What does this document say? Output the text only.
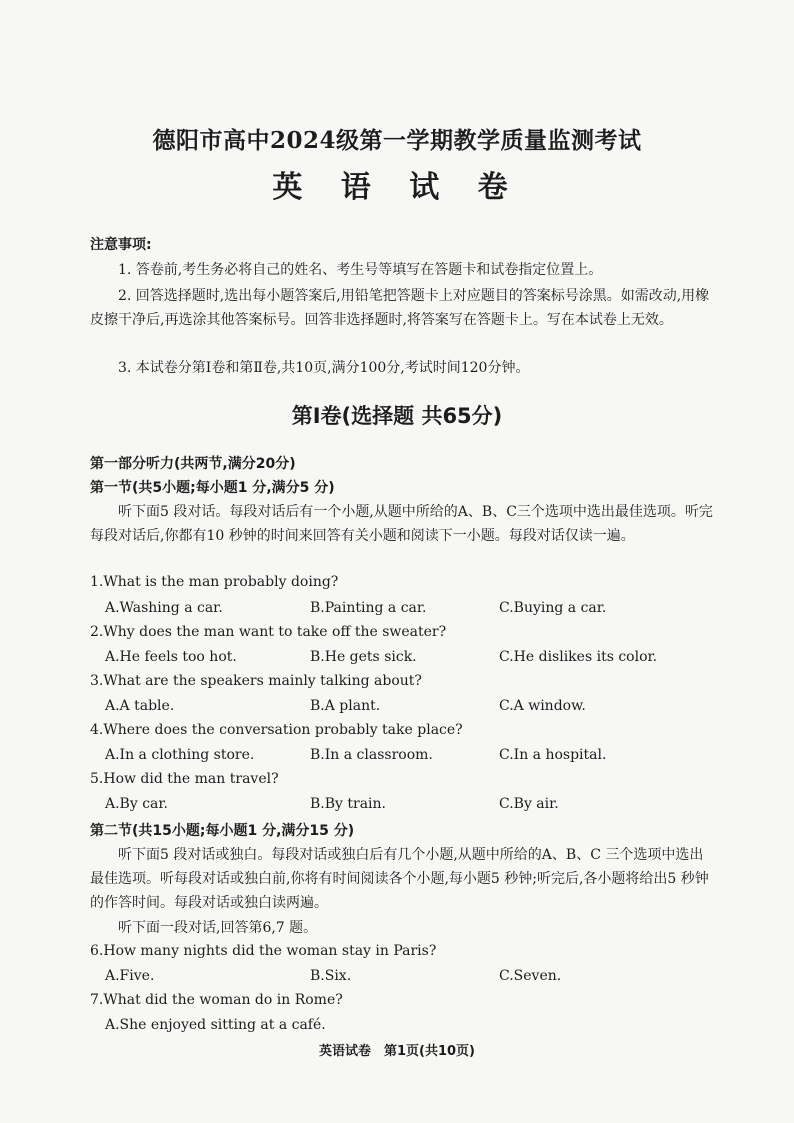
德阳市高中2024级第一学期教学质量监测考试
英 语 试 卷
注意事项:
1. 答卷前,考生务必将自己的姓名、考生号等填写在答题卡和试卷指定位置上。
2. 回答选择题时,选出每小题答案后,用铅笔把答题卡上对应题目的答案标号涂黑。如需改动,用橡皮擦干净后,再选涂其他答案标号。回答非选择题时,将答案写在答题卡上。写在本试卷上无效。
3. 本试卷分第Ⅰ卷和第Ⅱ卷,共10页,满分100分,考试时间120分钟。
第Ⅰ卷(选择题 共65分)
第一部分听力(共两节,满分20分)
第一节(共5小题;每小题1 分,满分5 分)
听下面5 段对话。每段对话后有一个小题,从题中所给的A、B、C三个选项中选出最佳选项。听完每段对话后,你都有10 秒钟的时间来回答有关小题和阅读下一小题。每段对话仅读一遍。
1.What is the man probably doing?
A.Washing a car.	B.Painting a car.	C.Buying a car.
2.Why does the man want to take off the sweater?
A.He feels too hot.	B.He gets sick.	C.He dislikes its color.
3.What are the speakers mainly talking about?
A.A table.	B.A plant.	C.A window.
4.Where does the conversation probably take place?
A.In a clothing store.	B.In a classroom.	C.In a hospital.
5.How did the man travel?
A.By car.	B.By train.	C.By air.
第二节(共15小题;每小题1 分,满分15 分)
听下面5 段对话或独白。每段对话或独白后有几个小题,从题中所给的A、B、C 三个选项中选出最佳选项。听每段对话或独白前,你将有时间阅读各个小题,每小题5 秒钟;听完后,各小题将给出5 秒钟的作答时间。每段对话或独白读两遍。
听下面一段对话,回答第6,7 题。
6.How many nights did the woman stay in Paris?
A.Five.	B.Six.	C.Seven.
7.What did the woman do in Rome?
A.She enjoyed sitting at a café.
英语试卷　第1页(共10页)
